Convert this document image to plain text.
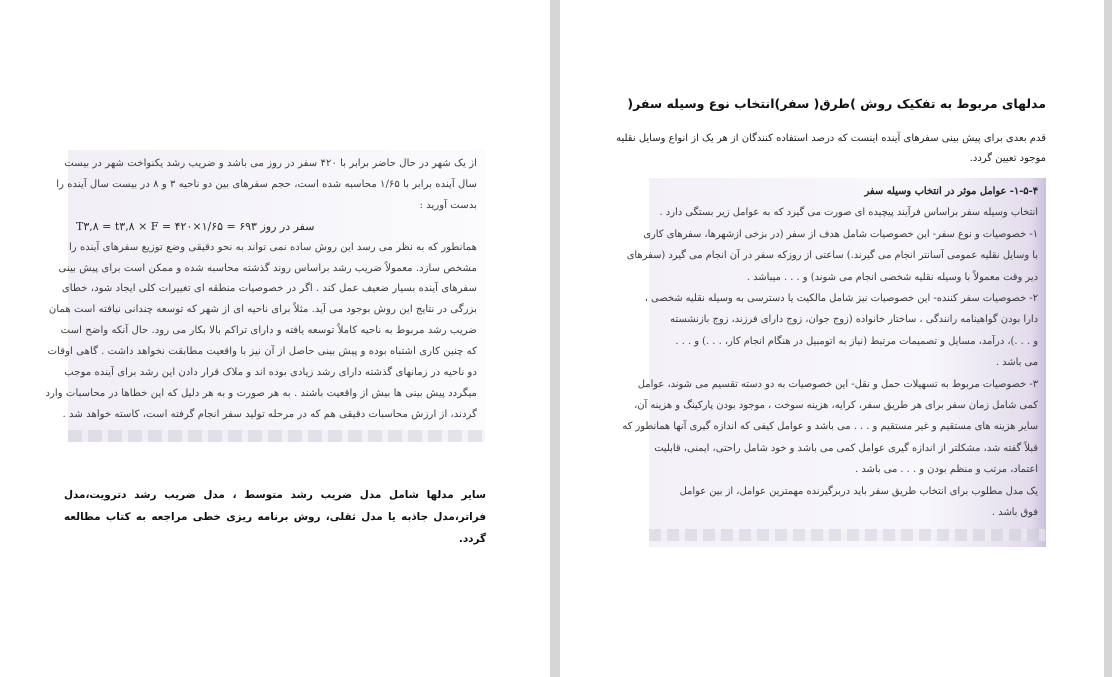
از یک شهر در حال حاضر برابر با ۴۲۰ سفر در روز می باشد و ضریب رشد یکنواخت شهر در بیست
سال آینده برابر با ۱/۶۵ محاسبه شده است، حجم سفرهای بین دو ناحیه ۳ و ۸ در بیست سال آینده را
بدست آورید :
T۳,۸ = t۳,۸ × F = ۴۲۰×۱/۶۵ = ۶۹۳ سفر در روز
همانطور که به نظر می رسد این روش ساده نمی تواند به نحو دقیقی وضع توزیع سفرهای آینده را
مشخص سازد. معمولاً ضریب رشد براساس روند گذشته محاسبه شده و ممکن است برای پیش بینی
سفرهای آینده بسیار ضعیف عمل کند . اگر در خصوصیات منطقه ای تغییرات کلی ایجاد شود، خطای
بزرگی در نتایج این روش بوجود می آید. مثلاً برای ناحیه ای از شهر که توسعه چندانی نیافته است همان
ضریب رشد مربوط به ناحیه کاملاً توسعه یافته و دارای تراکم بالا بکار می رود. حال آنکه واضح است
که چنین کاری اشتباه بوده و پیش بینی حاصل از آن نیز با واقعیت مطابقت نخواهد داشت . گاهی اوقات
دو ناحیه در زمانهای گذشته دارای رشد زیادی بوده اند و ملاک قرار دادن این رشد برای آینده موجب
میگردد پیش بینی ها بیش از واقعیت باشند . به هر صورت و به هر دلیل که این خطاها در محاسبات وارد
گردند، از ارزش محاسبات دقیقی هم که در مرحله تولید سفر انجام گرفته است، کاسته خواهد شد .
سایر مدلها شامل مدل ضریب رشد متوسط ، مدل ضریب رشد دترویت،مدل فراتر،مدل جاذبه یا مدل ثقلی، روش برنامه ریزی خطی مراجعه به کتاب مطالعه گردد.
مدلهای مربوط به تفکیک روش )طرق( سفر)انتخاب نوع وسیله سفر(
قدم بعدی برای پیش بینی سفرهای آینده اینست که درصد استفاده کنندگان از هر یک از انواع وسایل نقلیه موجود تعیین گردد.
۱-۵-۴- عوامل موثر در انتخاب وسیله سفر
انتخاب وسیله سفر براساس فرآیند پیچیده ای صورت می گیرد که به عوامل زیر بستگی دارد .
۱- خصوصیات و نوع سفر- این خصوصیات شامل هدف از سفر (در بزخی ازشهرها، سفرهای کاری
با وسایل نقلیه عمومی آسانتر انجام می گیرند.) ساعتی از روزکه سفر در آن انجام می گیرد (سفرهای
دیر وقت معمولاً با وسیله نقلیه شخصی انجام می شوند) و . . . میباشد .
۲- خصوصیات سفر کننده- این خصوصیات نیز شامل مالکیت یا دسترسی به وسیله نقلیه شخصی ،
دارا بودن گواهینامه رانندگی ، ساختار خانواده (زوج جوان، زوج دارای فرزند، زوج بازنشسته
و . . .)، درآمد، مسایل و تصمیمات مرتبط (نیاز به اتومبیل در هنگام انجام کار، . . .) و . . .
می باشد .
۳- خصوصیات مربوط به تسهیلات حمل و نقل- این خصوصیات به دو دسته تقسیم می شوند، عوامل
کمی شامل زمان سفر برای هر طریق سفر، کرایه، هزینه سوخت ، موجود بودن پارکینگ و هزینه آن،
سایر هزینه های مستقیم و غیر مستقیم و . . . می باشد و عوامل کیفی که اندازه گیری آنها همانطور که
قبلاً گفته شد، مشکلتر از اندازه گیری عوامل کمی می باشد و خود شامل راحتی، ایمنی، قابلیت
اعتماد، مرتب و منظم بودن و . . . می باشد .
یک مدل مطلوب برای انتخاب طریق سفر باید دربرگیرنده مهمترین عوامل، از بین عوامل
فوق باشد .
